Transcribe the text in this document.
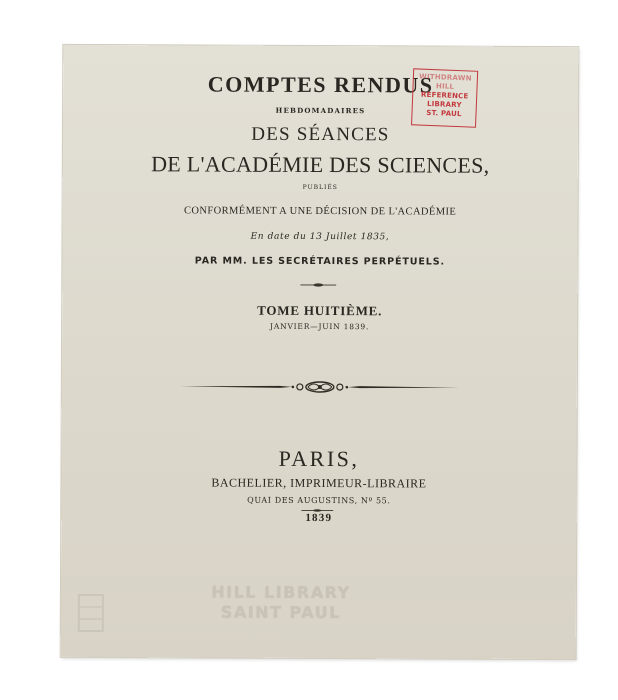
COMPTES RENDUS
HEBDOMADAIRES
DES SÉANCES
DE L'ACADÉMIE DES SCIENCES,
PUBLIÉS
CONFORMÉMENT A UNE DÉCISION DE L'ACADÉMIE
En date du 13 Juillet 1835,
PAR MM. LES SECRÉTAIRES PERPÉTUELS.
TOME HUITIÈME.
JANVIER—JUIN 1839.
PARIS,
BACHELIER, IMPRIMEUR-LIBRAIRE
QUAI DES AUGUSTINS, Nº 55.
1839
WITHDRAWN
HILL
REFERENCE
LIBRARY
ST. PAUL
HILL LIBRARY
SAINT PAUL
